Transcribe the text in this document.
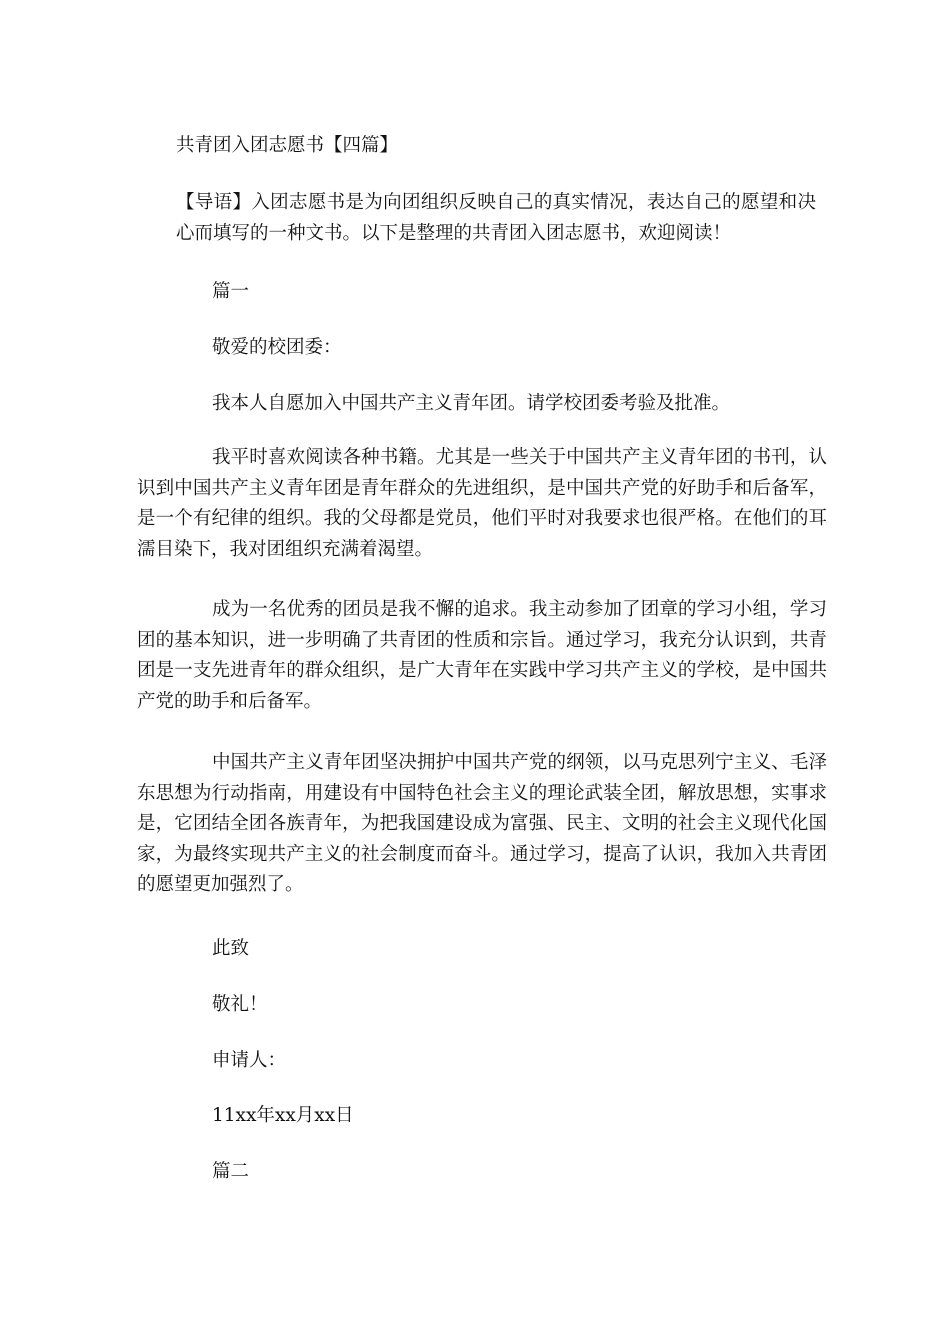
共青团入团志愿书【四篇】

【导语】入团志愿书是为向团组织反映自己的真实情况，表达自己的愿望和决心而填写的一种文书。以下是整理的共青团入团志愿书，欢迎阅读！

篇一

敬爱的校团委：

我本人自愿加入中国共产主义青年团。请学校团委考验及批准。

我平时喜欢阅读各种书籍。尤其是一些关于中国共产主义青年团的书刊，认识到中国共产主义青年团是青年群众的先进组织，是中国共产党的好助手和后备军，是一个有纪律的组织。我的父母都是党员，他们平时对我要求也很严格。在他们的耳濡目染下，我对团组织充满着渴望。

成为一名优秀的团员是我不懈的追求。我主动参加了团章的学习小组，学习团的基本知识，进一步明确了共青团的性质和宗旨。通过学习，我充分认识到，共青团是一支先进青年的群众组织，是广大青年在实践中学习共产主义的学校，是中国共产党的助手和后备军。

中国共产主义青年团坚决拥护中国共产党的纲领，以马克思列宁主义、毛泽东思想为行动指南，用建设有中国特色社会主义的理论武装全团，解放思想，实事求是，它团结全团各族青年，为把我国建设成为富强、民主、文明的社会主义现代化国家，为最终实现共产主义的社会制度而奋斗。通过学习，提高了认识，我加入共青团的愿望更加强烈了。

此致

敬礼！

申请人：

11xx年xx月xx日

篇二
